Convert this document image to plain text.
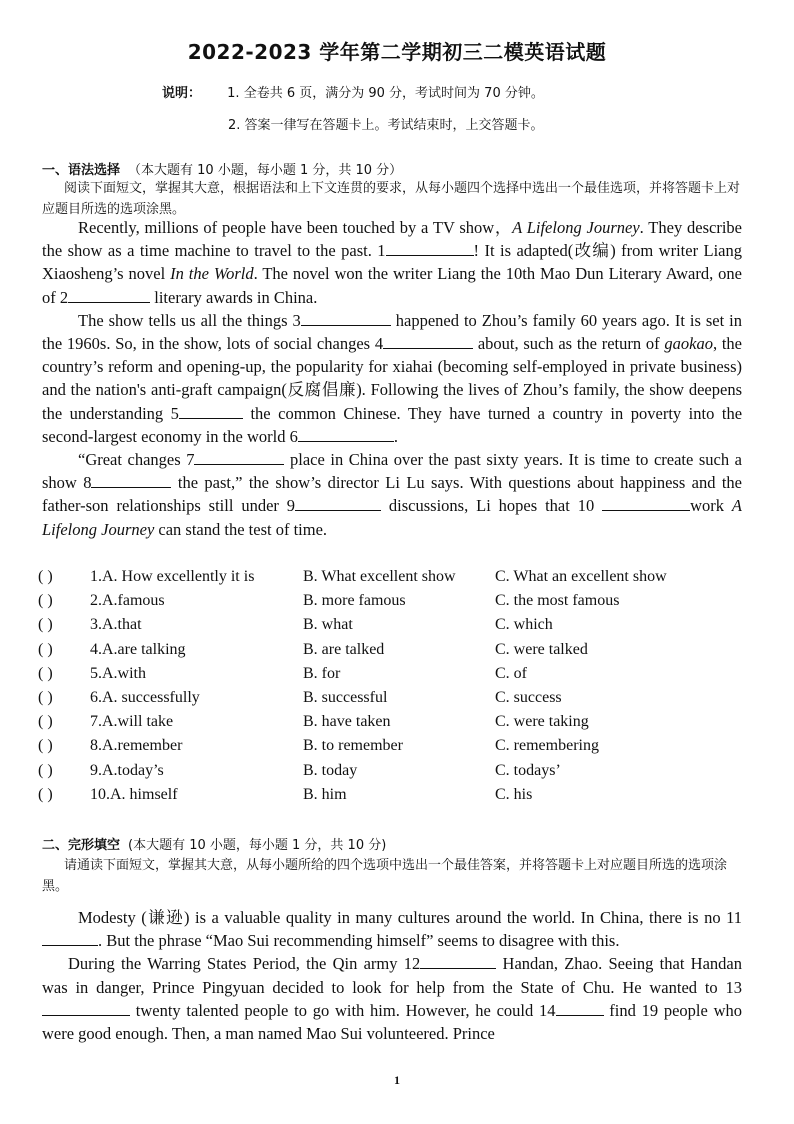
2022-2023 学年第二学期初三二模英语试题
说明： 1. 全卷共 6 页，满分为 90 分，考试时间为 70 分钟。
2. 答案一律写在答题卡上。考试结束时，上交答题卡。
一、语法选择 （本大题有 10 小题，每小题 1 分，共 10 分）
阅读下面短文，掌握其大意，根据语法和上下文连贯的要求，从每小题四个选择中选出一个最佳选项，并将答题卡上对应题目所选的选项涂黑。

Recently, millions of people have been touched by a TV show，A Lifelong Journey. They describe the show as a time machine to travel to the past. 1	! It is adapted(改编) from writer Liang Xiaosheng’s novel In the World. The novel won the writer Liang the 10th Mao Dun Literary Award, one of 2	literary awards in China.

The show tells us all the things 3	happened to Zhou’s family 60 years ago. It is set in the 1960s. So, in the show, lots of social changes 4	about, such as the return of gaokao, the country’s reform and opening-up, the popularity for xiahai (becoming self-employed in private business) and the nation's anti-graft campaign(反腐倡廉). Following the lives of Zhou’s family, the show deepens the understanding 5	the common Chinese. They have turned a country in poverty into the second-largest economy in the world 6	.

“Great changes 7	place in China over the past sixty years. It is time to create such a show 8	the past,” the show’s director Li Lu says. With questions about happiness and the father-son relationships still under 9	discussions, Li hopes that 10	work A Lifelong Journey can stand the test of time.

( ) 1.A. How excellently it is	B. What excellent show C. What an excellent show
( ) 2.A.famous	B. more famous	C. the most famous
( ) 3.A.that	B. what	C. which
( ) 4.A.are talking	B. are talked	C. were talked
( ) 5.A.with	B. for	C. of
( ) 6.A. successfully	B. successful	C. success
( ) 7.A.will take	B. have taken	C. were taking
( ) 8.A.remember	B. to remember	C. remembering
( ) 9.A.today’s	B. today	C. todays’
( ) 10.A. himself	B. him	C. his
二、完形填空 (本大题有 10 小题，每小题 1 分，共 10 分)
请通读下面短文，掌握其大意，从每小题所给的四个选项中选出一个最佳答案，并将答题卡上对应题目所选的选项涂黑。

Modesty (谦逊) is a valuable quality in many cultures around the world. In China, there is no 11. But the phrase “Mao Sui recommending himself” seems to disagree with this.

During the Warring States Period, the Qin army 12	Handan, Zhao. Seeing that Handan was in danger, Prince Pingyuan decided to look for help from the State of Chu. He wanted to 13 twenty talented people to go with him. However, he could 14	find 19 people who were good enough. Then, a man named Mao Sui volunteered. Prince

1
